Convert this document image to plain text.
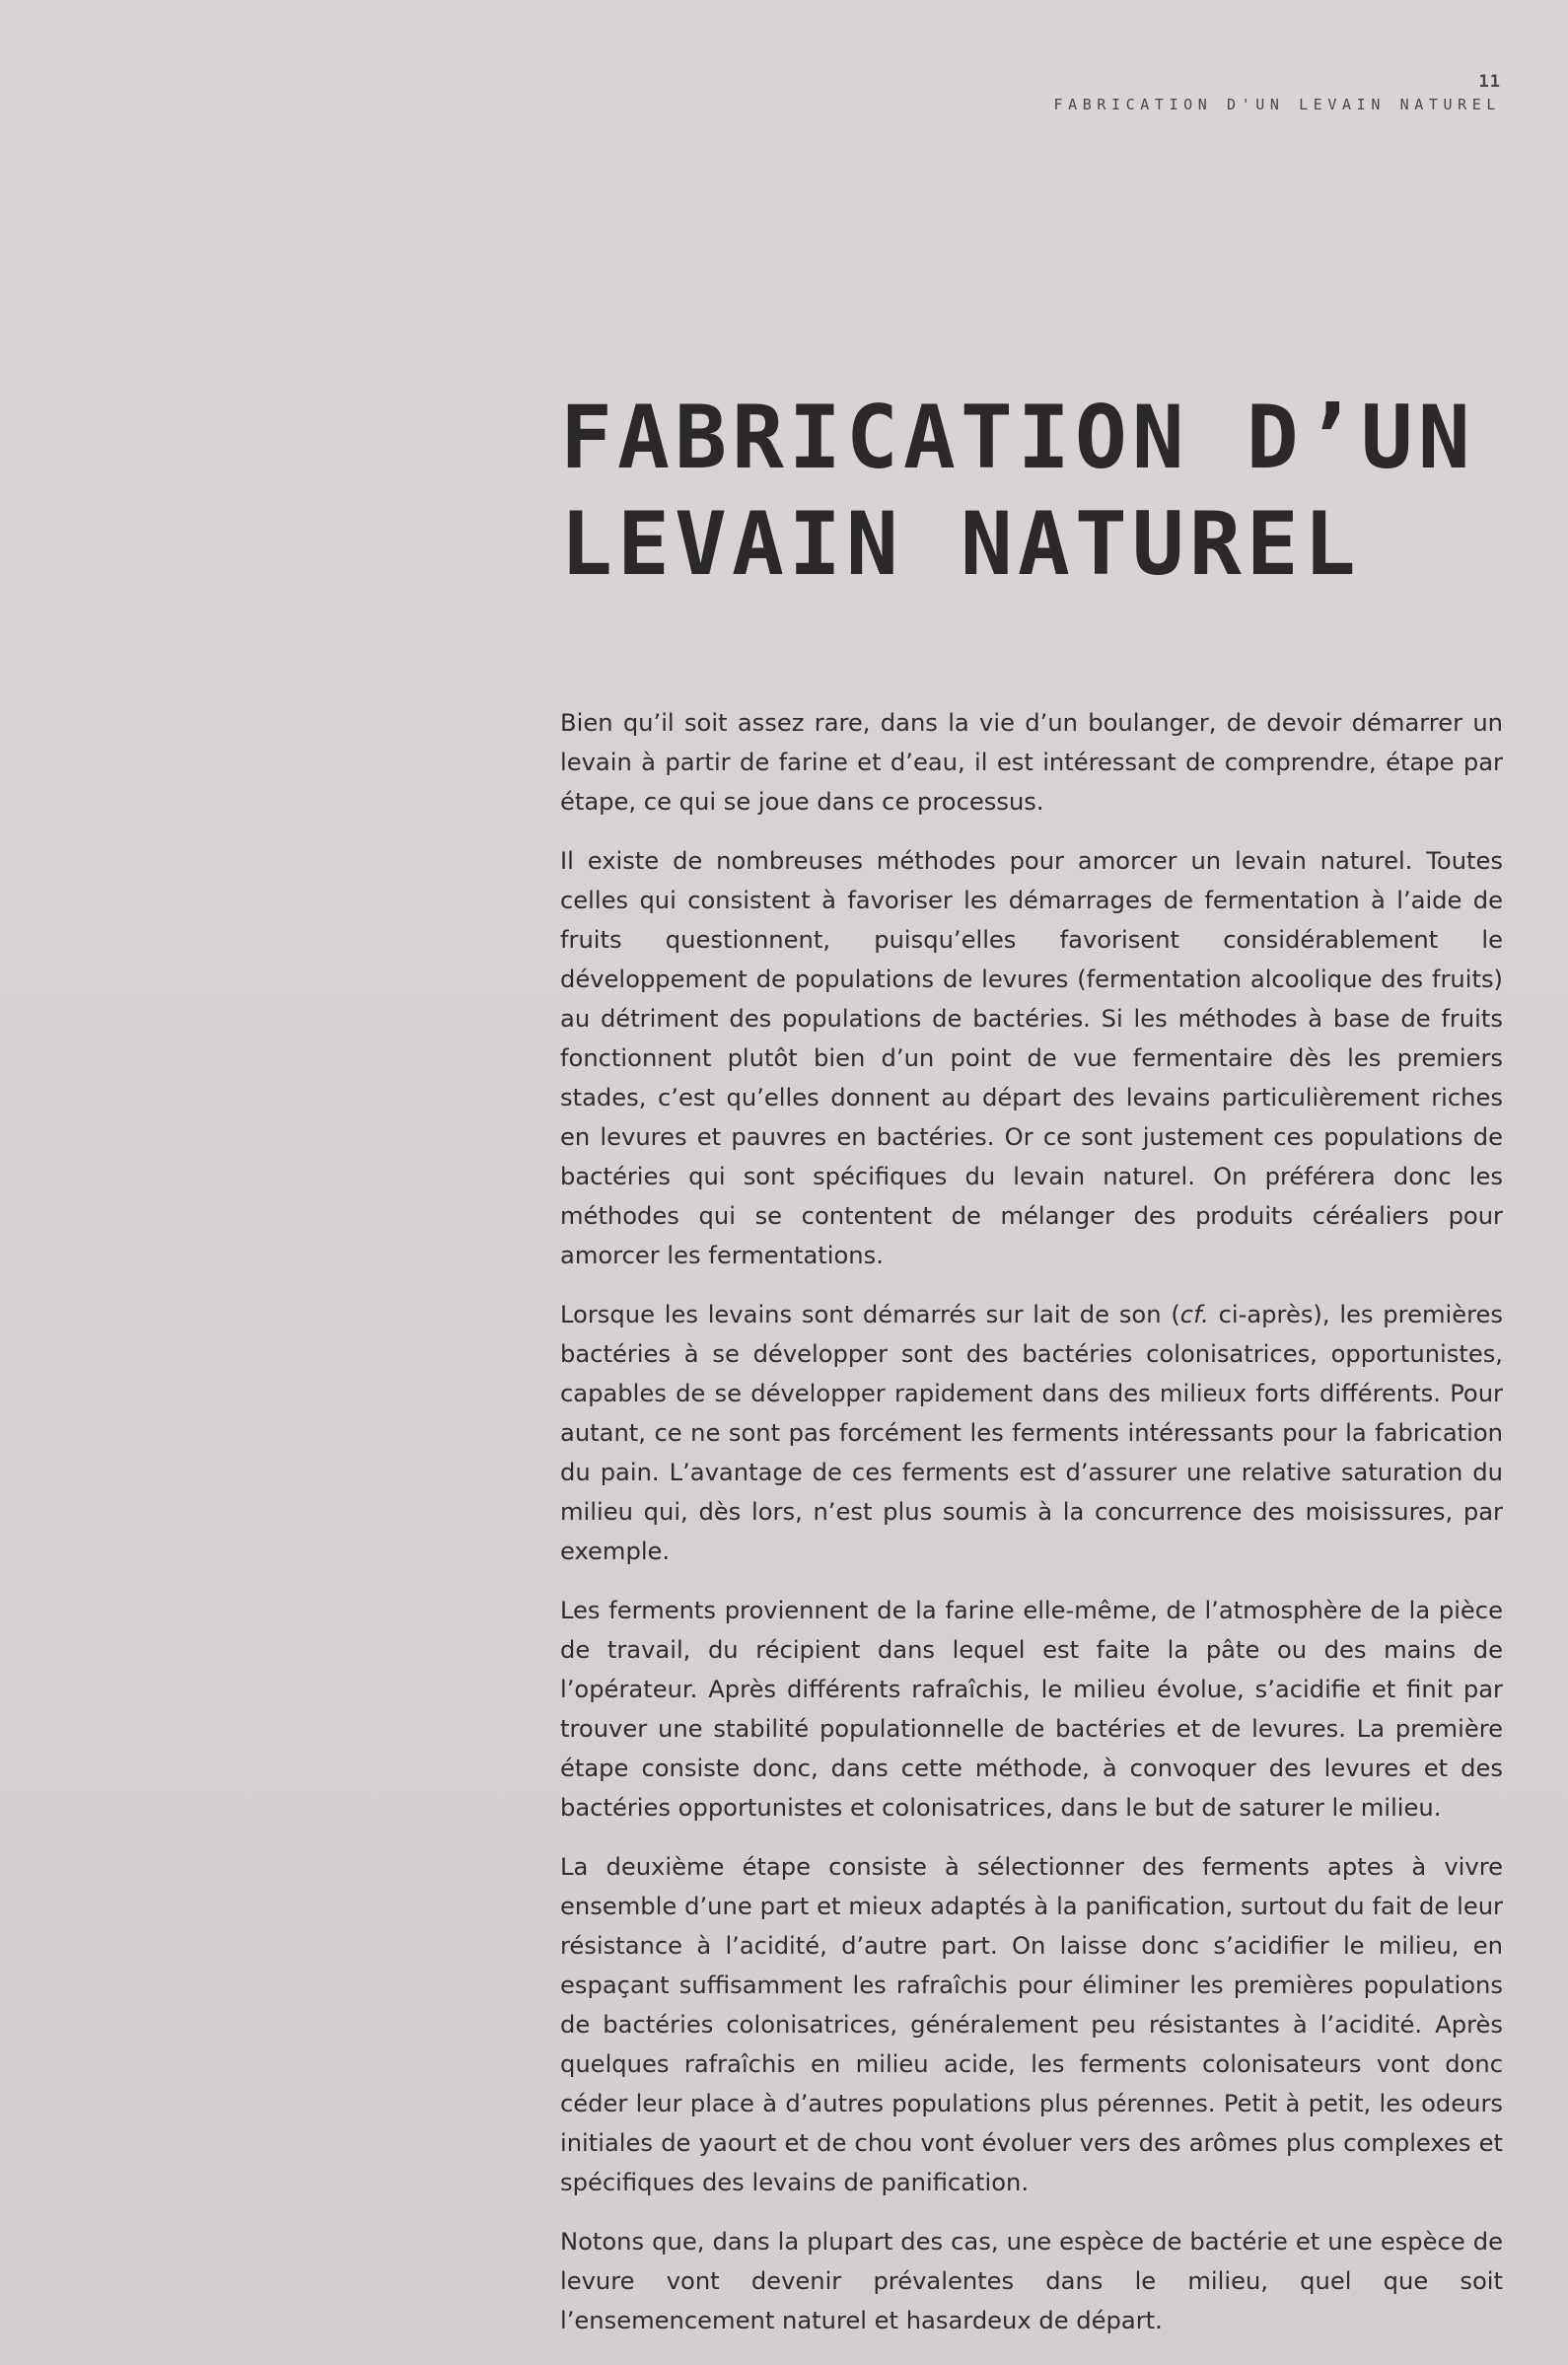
11
FABRICATION D'UN LEVAIN NATUREL
FABRICATION D’UN
LEVAIN NATUREL

Bien qu’il soit assez rare, dans la vie d’un boulanger, de devoir démarrer un levain à partir de farine et d’eau, il est intéressant de comprendre, étape par étape, ce qui se joue dans ce processus.

Il existe de nombreuses méthodes pour amorcer un levain naturel. Toutes celles qui consistent à favoriser les démarrages de fermentation à l’aide de fruits questionnent, puisqu’elles favorisent considérablement le développement de populations de levures (fermentation alcoolique des fruits) au détriment des populations de bactéries. Si les méthodes à base de fruits fonctionnent plutôt bien d’un point de vue fermentaire dès les premiers stades, c’est qu’elles donnent au départ des levains particulièrement riches en levures et pauvres en bactéries. Or ce sont justement ces populations de bactéries qui sont spécifiques du levain naturel. On préférera donc les méthodes qui se contentent de mélanger des produits céréaliers pour amorcer les fermentations.

Lorsque les levains sont démarrés sur lait de son (cf. ci-après), les premières bactéries à se développer sont des bactéries colonisatrices, opportunistes, capables de se développer rapidement dans des milieux forts différents. Pour autant, ce ne sont pas forcément les ferments intéressants pour la fabrication du pain. L’avantage de ces ferments est d’assurer une relative saturation du milieu qui, dès lors, n’est plus soumis à la concurrence des moisissures, par exemple.

Les ferments proviennent de la farine elle-même, de l’atmosphère de la pièce de travail, du récipient dans lequel est faite la pâte ou des mains de l’opérateur. Après différents rafraîchis, le milieu évolue, s’acidifie et finit par trouver une stabilité populationnelle de bactéries et de levures. La première étape consiste donc, dans cette méthode, à convoquer des levures et des bactéries opportunistes et colonisatrices, dans le but de saturer le milieu.

La deuxième étape consiste à sélectionner des ferments aptes à vivre ensemble d’une part et mieux adaptés à la panification, surtout du fait de leur résistance à l’acidité, d’autre part. On laisse donc s’acidifier le milieu, en espaçant suffisamment les rafraîchis pour éliminer les premières populations de bactéries colonisatrices, généralement peu résistantes à l’acidité. Après quelques rafraîchis en milieu acide, les ferments colonisateurs vont donc céder leur place à d’autres populations plus pérennes. Petit à petit, les odeurs initiales de yaourt et de chou vont évoluer vers des arômes plus complexes et spécifiques des levains de panification.

Notons que, dans la plupart des cas, une espèce de bactérie et une espèce de levure vont devenir prévalentes dans le milieu, quel que soit l’ensemencement naturel et hasardeux de départ.
